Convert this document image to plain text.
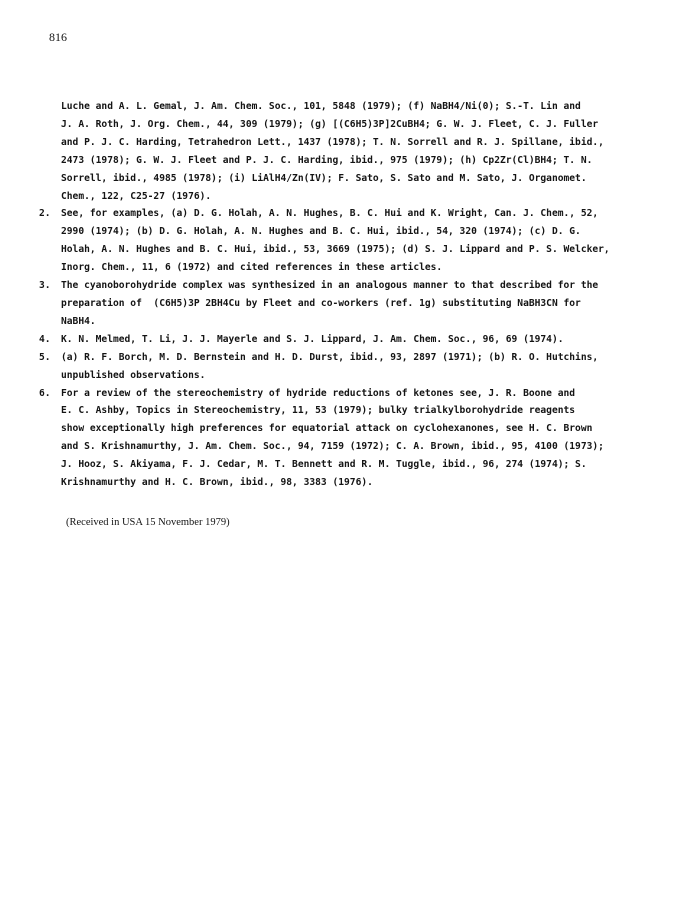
816
Luche and A. L. Gemal, J. Am. Chem. Soc., 101, 5848 (1979); (f) NaBH4/Ni(0); S.-T. Lin and
J. A. Roth, J. Org. Chem., 44, 309 (1979); (g) [(C6H5)3P]2CuBH4; G. W. J. Fleet, C. J. Fuller
and P. J. C. Harding, Tetrahedron Lett., 1437 (1978); T. N. Sorrell and R. J. Spillane, ibid.,
2473 (1978); G. W. J. Fleet and P. J. C. Harding, ibid., 975 (1979); (h) Cp2Zr(Cl)BH4; T. N.
Sorrell, ibid., 4985 (1978); (i) LiAlH4/Zn(IV); F. Sato, S. Sato and M. Sato, J. Organomet.
Chem., 122, C25-27 (1976).
2. See, for examples, (a) D. G. Holah, A. N. Hughes, B. C. Hui and K. Wright, Can. J. Chem., 52,
2990 (1974); (b) D. G. Holah, A. N. Hughes and B. C. Hui, ibid., 54, 320 (1974); (c) D. G.
Holah, A. N. Hughes and B. C. Hui, ibid., 53, 3669 (1975); (d) S. J. Lippard and P. S. Welcker,
Inorg. Chem., 11, 6 (1972) and cited references in these articles.
3. The cyanoborohydride complex was synthesized in an analogous manner to that described for the
preparation of  (C6H5)3P 2BH4Cu by Fleet and co-workers (ref. 1g) substituting NaBH3CN for
NaBH4.
4. K. N. Melmed, T. Li, J. J. Mayerle and S. J. Lippard, J. Am. Chem. Soc., 96, 69 (1974).
5. (a) R. F. Borch, M. D. Bernstein and H. D. Durst, ibid., 93, 2897 (1971); (b) R. O. Hutchins,
unpublished observations.
6. For a review of the stereochemistry of hydride reductions of ketones see, J. R. Boone and
E. C. Ashby, Topics in Stereochemistry, 11, 53 (1979); bulky trialkylborohydride reagents
show exceptionally high preferences for equatorial attack on cyclohexanones, see H. C. Brown
and S. Krishnamurthy, J. Am. Chem. Soc., 94, 7159 (1972); C. A. Brown, ibid., 95, 4100 (1973);
J. Hooz, S. Akiyama, F. J. Cedar, M. T. Bennett and R. M. Tuggle, ibid., 96, 274 (1974); S.
Krishnamurthy and H. C. Brown, ibid., 98, 3383 (1976).
(Received in USA 15 November 1979)
